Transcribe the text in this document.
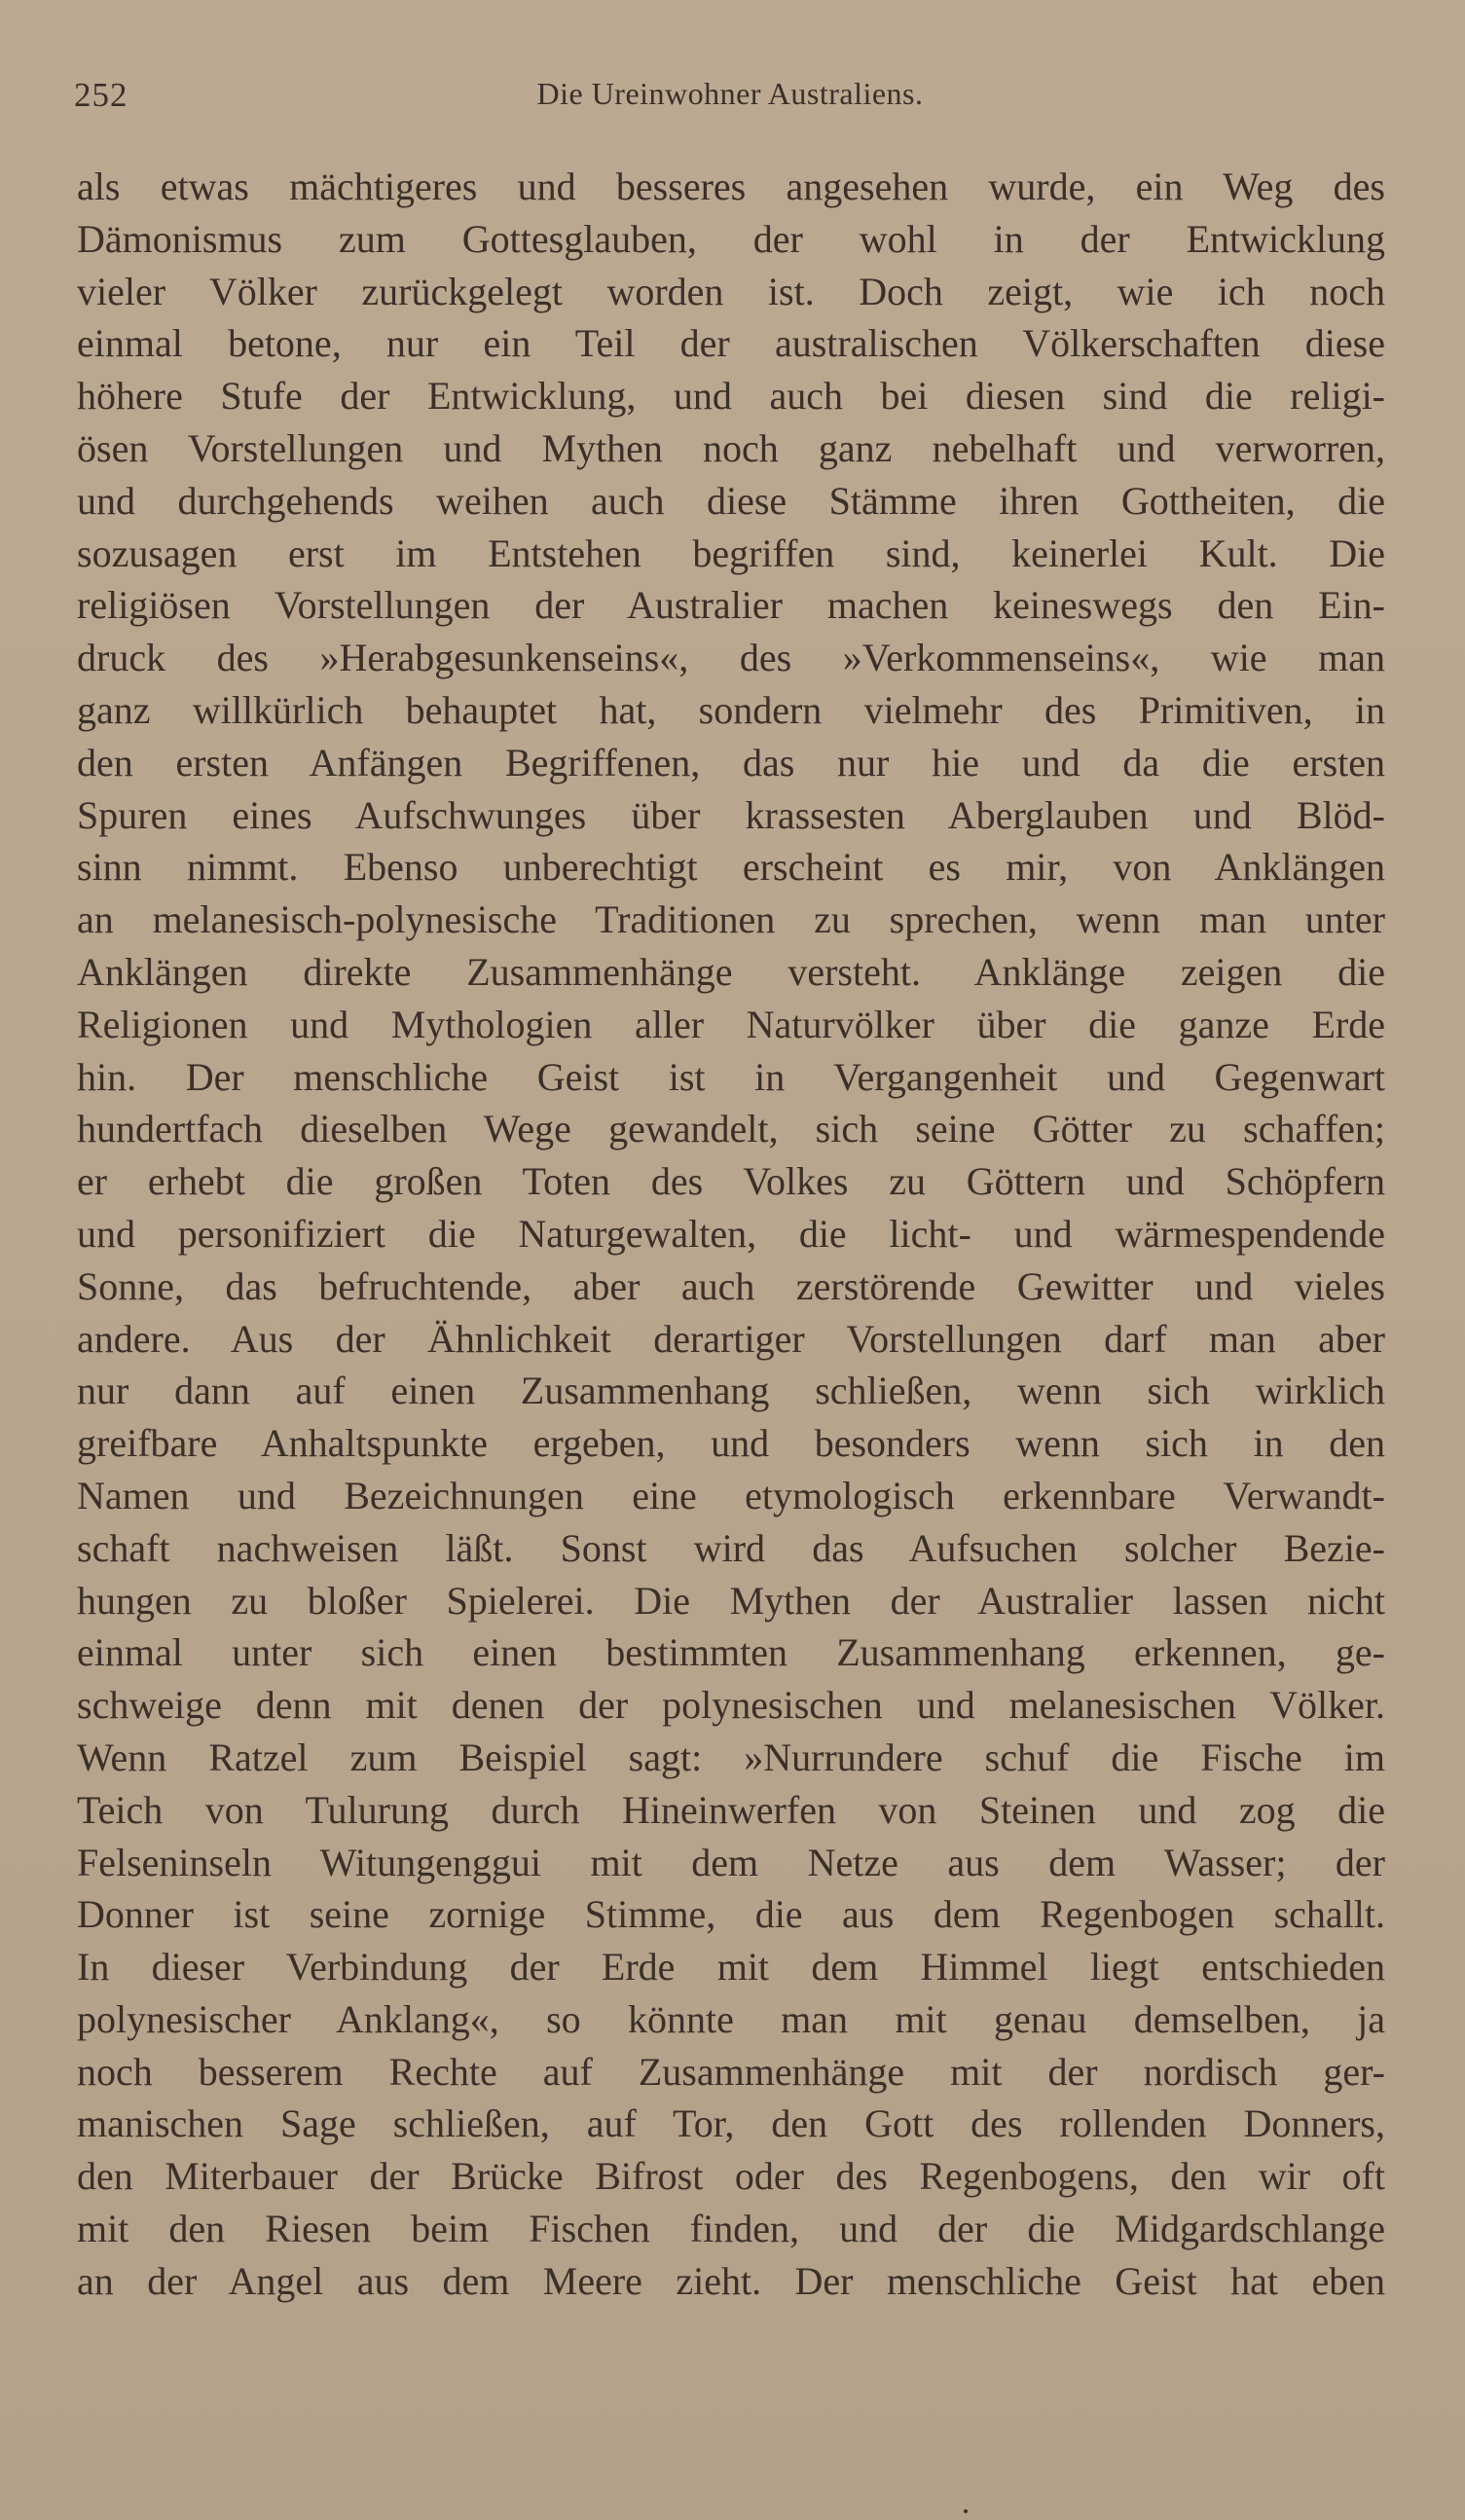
252	Die Ureinwohner Australiens.
als etwas mächtigeres und besseres angesehen wurde, ein Weg des
Dämonismus zum Gottesglauben, der wohl in der Entwicklung
vieler Völker zurückgelegt worden ist. Doch zeigt, wie ich noch
einmal betone, nur ein Teil der australischen Völkerschaften diese
höhere Stufe der Entwicklung, und auch bei diesen sind die religi-
ösen Vorstellungen und Mythen noch ganz nebelhaft und verworren,
und durchgehends weihen auch diese Stämme ihren Gottheiten, die
sozusagen erst im Entstehen begriffen sind, keinerlei Kult. Die
religiösen Vorstellungen der Australier machen keineswegs den Ein-
druck des »Herabgesunkenseins«, des »Verkommenseins«, wie man
ganz willkürlich behauptet hat, sondern vielmehr des Primitiven, in
den ersten Anfängen Begriffenen, das nur hie und da die ersten
Spuren eines Aufschwunges über krassesten Aberglauben und Blöd-
sinn nimmt. Ebenso unberechtigt erscheint es mir, von Anklängen
an melanesisch-polynesische Traditionen zu sprechen, wenn man unter
Anklängen direkte Zusammenhänge versteht. Anklänge zeigen die
Religionen und Mythologien aller Naturvölker über die ganze Erde
hin. Der menschliche Geist ist in Vergangenheit und Gegenwart
hundertfach dieselben Wege gewandelt, sich seine Götter zu schaffen;
er erhebt die großen Toten des Volkes zu Göttern und Schöpfern
und personifiziert die Naturgewalten, die licht- und wärmespendende
Sonne, das befruchtende, aber auch zerstörende Gewitter und vieles
andere. Aus der Ähnlichkeit derartiger Vorstellungen darf man aber
nur dann auf einen Zusammenhang schließen, wenn sich wirklich
greifbare Anhaltspunkte ergeben, und besonders wenn sich in den
Namen und Bezeichnungen eine etymologisch erkennbare Verwandt-
schaft nachweisen läßt. Sonst wird das Aufsuchen solcher Bezie-
hungen zu bloßer Spielerei. Die Mythen der Australier lassen nicht
einmal unter sich einen bestimmten Zusammenhang erkennen, ge-
schweige denn mit denen der polynesischen und melanesischen Völker.
Wenn Ratzel zum Beispiel sagt: »Nurrundere schuf die Fische im
Teich von Tulurung durch Hineinwerfen von Steinen und zog die
Felseninseln Witungenggui mit dem Netze aus dem Wasser; der
Donner ist seine zornige Stimme, die aus dem Regenbogen schallt.
In dieser Verbindung der Erde mit dem Himmel liegt entschieden
polynesischer Anklang«, so könnte man mit genau demselben, ja
noch besserem Rechte auf Zusammenhänge mit der nordisch ger-
manischen Sage schließen, auf Tor, den Gott des rollenden Donners,
den Miterbauer der Brücke Bifrost oder des Regenbogens, den wir oft
mit den Riesen beim Fischen finden, und der die Midgardschlange
an der Angel aus dem Meere zieht. Der menschliche Geist hat eben
